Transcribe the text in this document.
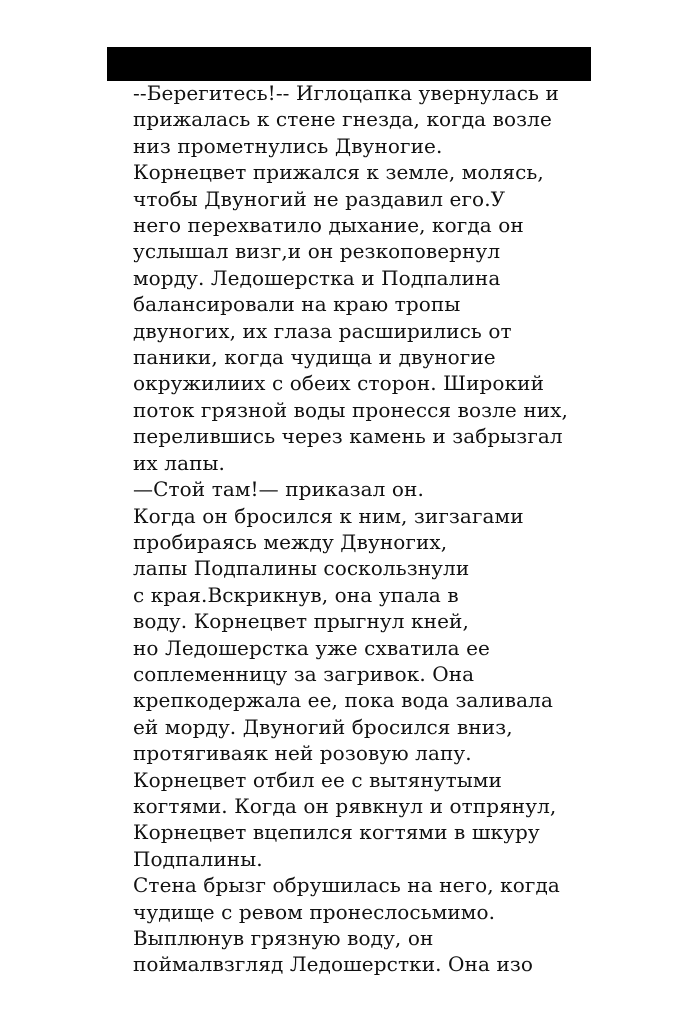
--Берегитесь!-- Иглоцапка увернулась и
прижалась к стене гнезда, когда возле
низ прометнулись Двуногие.
Корнецвет прижался к земле, молясь,
чтобы Двуногий не раздавил его.У
него перехватило дыхание, когда он
услышал визг,и он резкоповернул
морду. Ледошерстка и Подпалина
балансировали на краю тропы
двуногих, их глаза расширились от
паники, когда чудища и двуногие
окружилиих с обеих сторон. Широкий
поток грязной воды пронесся возле них,
перелившись через камень и забрызгал
их лапы.
—Стой там!— приказал он.
Когда он бросился к ним, зигзагами
пробираясь между Двуногих,
лапы Подпалины соскользнули
с края.Вскрикнув, она упала в
воду. Корнецвет прыгнул кней,
но Ледошерстка уже схватила ее
соплеменницу за загривок. Она
крепкодержала ее, пока вода заливала
ей морду. Двуногий бросился вниз,
протягиваяк ней розовую лапу.
Корнецвет отбил ее с вытянутыми
когтями. Когда он рявкнул и отпрянул,
Корнецвет вцепился когтями в шкуру
Подпалины.
Стена брызг обрушилась на него, когда
чудище с ревом пронеслосьмимо.
Выплюнув грязную воду, он
поймалвзгляд Ледошерстки. Она изо
